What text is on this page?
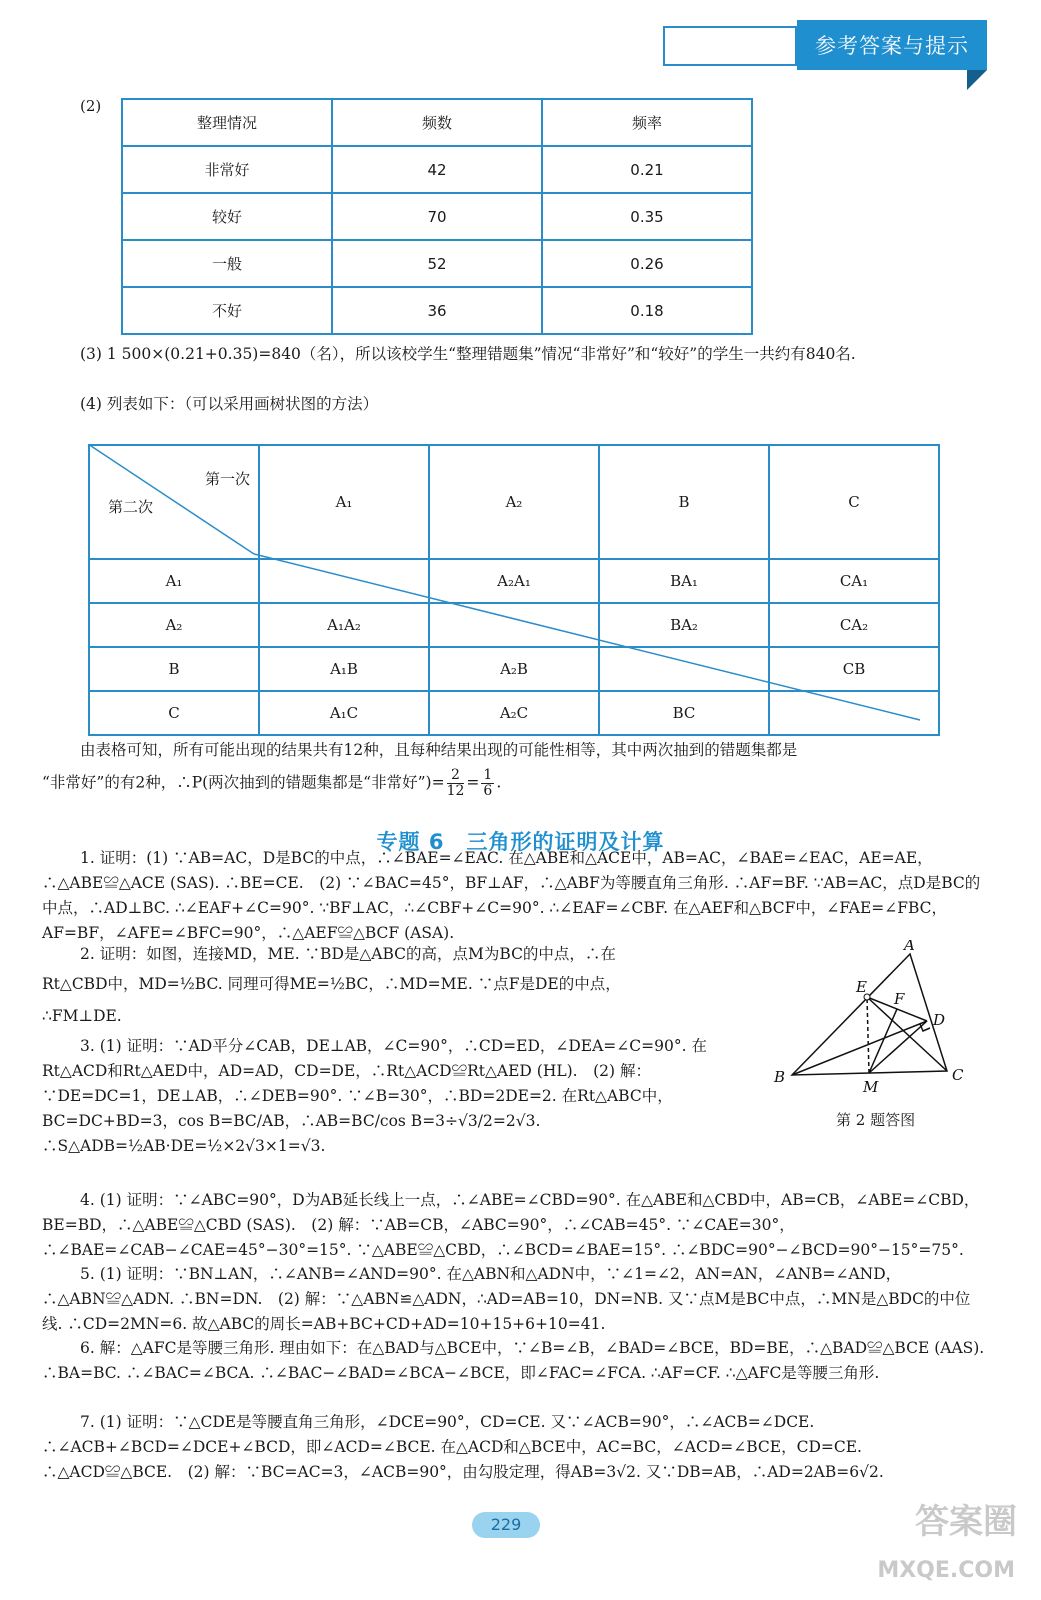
参考答案与提示
(2)
整理情况	频数	频率
非常好	42	0.21
较好	70	0.35
一般	52	0.26
不好	36	0.18
(3) 1 500×(0.21+0.35)=840（名），所以该校学生“整理错题集”情况“非常好”和“较好”的学生一共约有840名.
(4) 列表如下：（可以采用画树状图的方法）
第一次
第二次	A₁	A₂	B	C
A₁		A₂A₁	BA₁	CA₁
A₂	A₁A₂		BA₂	CA₂
B	A₁B	A₂B		CB
C	A₁C	A₂C	BC	
由表格可知，所有可能出现的结果共有12种，且每种结果出现的可能性相等，其中两次抽到的错题集都是
“非常好”的有2种，∴P(两次抽到的错题集都是“非常好”)= $\frac{2}{12} = \frac{1}{6}$ .
专题 6　三角形的证明及计算
1. 证明：(1) ∵AB=AC，D是BC的中点，∴∠BAE=∠EAC. 在△ABE和△ACE中，AB=AC，∠BAE=∠EAC，AE=AE，∴△ABE≌△ACE (SAS). ∴BE=CE.　(2) ∵∠BAC=45°，BF⊥AF，∴△ABF为等腰直角三角形. ∴AF=BF. ∵AB=AC，点D是BC的中点，∴AD⊥BC. ∴∠EAF+∠C=90°. ∵BF⊥AC，∴∠CBF+∠C=90°. ∴∠EAF=∠CBF. 在△AEF和△BCF中，∠FAE=∠FBC，AF=BF，∠AFE=∠BFC=90°，∴△AEF≌△BCF (ASA).
2. 证明：如图，连接MD，ME. ∵BD是△ABC的高，点M为BC的中点，∴在
Rt△CBD中，MD=½BC. 同理可得ME=½BC，∴MD=ME. ∵点F是DE的中点，
∴FM⊥DE.
3. (1) 证明：∵AD平分∠CAB，DE⊥AB，∠C=90°，∴CD=ED，∠DEA=∠C=90°. 在Rt△ACD和Rt△AED中，AD=AD，CD=DE，∴Rt△ACD≌Rt△AED (HL).　(2) 解：∵DE=DC=1，DE⊥AB，∴∠DEB=90°. ∵∠B=30°，∴BD=2DE=2. 在Rt△ABC中，BC=DC+BD=3，cos B=BC/AB，∴AB=BC/cos B=3÷√3/2=2√3. ∴S△ADB=½AB·DE=½×2√3×1=√3.
A
E
F
D
B
M
C
第 2 题答图
4. (1) 证明：∵∠ABC=90°，D为AB延长线上一点，∴∠ABE=∠CBD=90°. 在△ABE和△CBD中，AB=CB，∠ABE=∠CBD，BE=BD，∴△ABE≌△CBD (SAS).　(2) 解：∵AB=CB，∠ABC=90°，∴∠CAB=45°. ∵∠CAE=30°，∴∠BAE=∠CAB−∠CAE=45°−30°=15°. ∵△ABE≌△CBD，∴∠BCD=∠BAE=15°. ∴∠BDC=90°−∠BCD=90°−15°=75°.
5. (1) 证明：∵BN⊥AN，∴∠ANB=∠AND=90°. 在△ABN和△ADN中，∵∠1=∠2，AN=AN，∠ANB=∠AND，∴△ABN≌△ADN. ∴BN=DN.　(2) 解：∵△ABN≌△ADN，∴AD=AB=10，DN=NB. 又∵点M是BC中点，∴MN是△BDC的中位线. ∴CD=2MN=6. 故△ABC的周长=AB+BC+CD+AD=10+15+6+10=41.
6. 解：△AFC是等腰三角形. 理由如下：在△BAD与△BCE中，∵∠B=∠B，∠BAD=∠BCE，BD=BE，∴△BAD≌△BCE (AAS). ∴BA=BC. ∴∠BAC=∠BCA. ∴∠BAC−∠BAD=∠BCA−∠BCE，即∠FAC=∠FCA. ∴AF=CF. ∴△AFC是等腰三角形.
7. (1) 证明：∵△CDE是等腰直角三角形，∠DCE=90°，CD=CE. 又∵∠ACB=90°，∴∠ACB=∠DCE. ∴∠ACB+∠BCD=∠DCE+∠BCD，即∠ACD=∠BCE. 在△ACD和△BCE中，AC=BC，∠ACD=∠BCE，CD=CE. ∴△ACD≌△BCE.　(2) 解：∵BC=AC=3，∠ACB=90°，由勾股定理，得AB=3√2. 又∵DB=AB，∴AD=2AB=6√2.
229	答案圈
MXQE.COM
